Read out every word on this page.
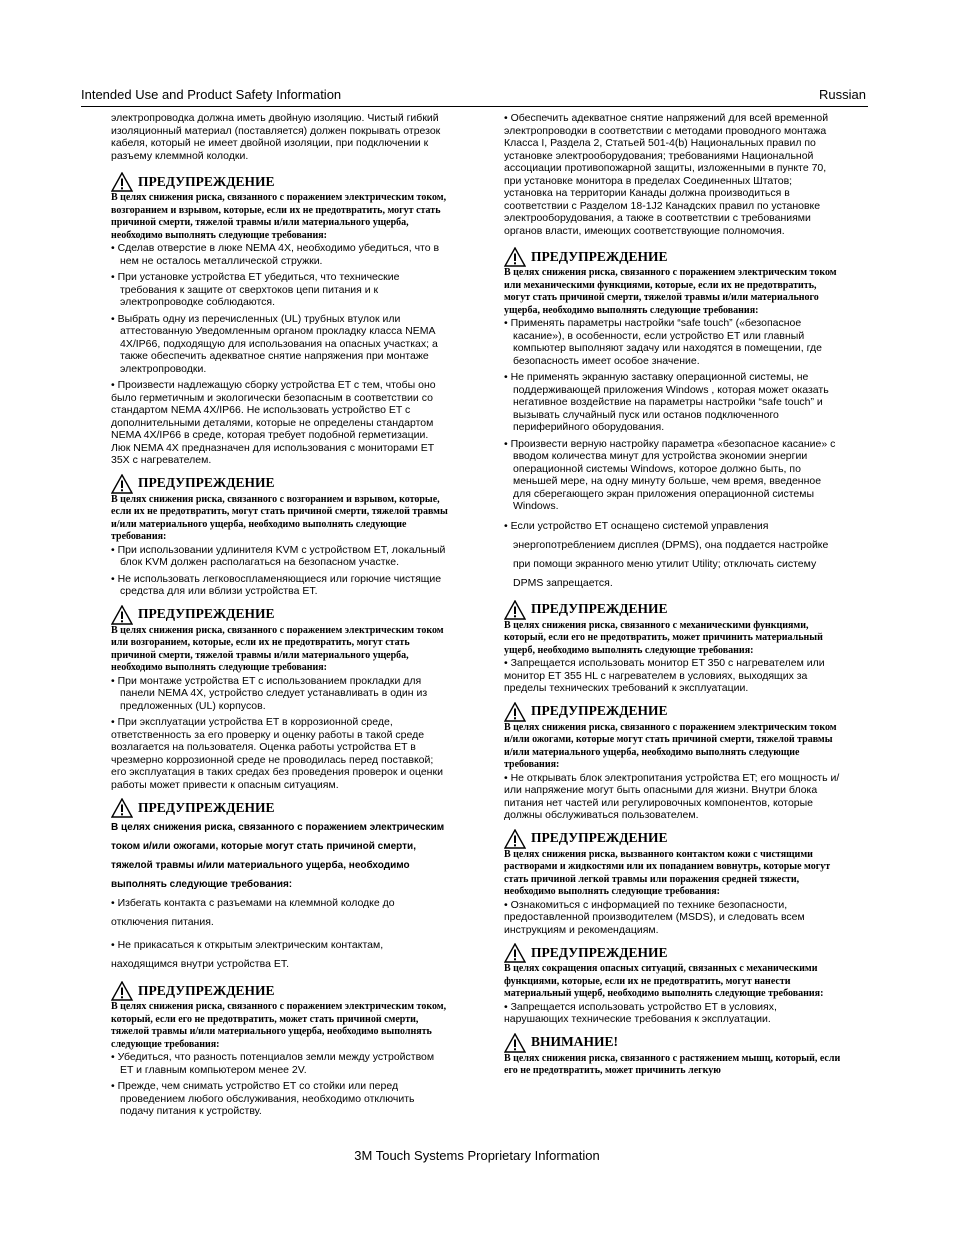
Intended Use and Product Safety Information	Russian

электропроводка должна иметь двойную изоляцию. Чистый гибкий изоляционный материал (поставляется) должен покрывать отрезок кабеля, который не имеет двойной изоляции, при подключении к разъему клеммной колодки.

ПРЕДУПРЕЖДЕНИЕ

В целях снижения риска, связанного с поражением электрическим током, возгоранием и взрывом, которые, если их не предотвратить, могут стать причиной смерти, тяжелой травмы и/или материального ущерба, необходимо выполнять следующие требования:

• Сделав отверстие в люке NEMA 4X, необходимо убедиться, что в нем не осталось металлической стружки.
• При установке устройства ET убедиться, что технические требования к защите от сверхтоков цепи питания и к электропроводке соблюдаются.
• Выбрать одну из перечисленных (UL) трубных втулок или аттестованную Уведомленным органом прокладку класса NEMA 4X/IP66, подходящую для использования на опасных участках; а также обеспечить адекватное снятие напряжения при монтаже электропроводки.
• Произвести надлежащую сборку устройства ET с тем, чтобы оно было герметичным и экологически безопасным в соответствии со стандартом NEMA 4X/IP66. Не использовать устройство ET с дополнительными деталями, которые не определены стандартом NEMA 4X/IP66 в среде, которая требует подобной герметизации. Люк NEMA 4X предназначен для использования с мониторами ET 35X с нагревателем.
ПРЕДУПРЕЖДЕНИЕ

В целях снижения риска, связанного с возгоранием и взрывом, которые, если их не предотвратить, могут стать причиной смерти, тяжелой травмы и/или материального ущерба, необходимо выполнять следующие требования:

• При использовании удлинителя KVM с устройством ET, локальный блок KVM должен располагаться на безопасном участке.
• Не использовать легковоспламеняющиеся или горючие чистящие средства для или вблизи устройства ET.
ПРЕДУПРЕЖДЕНИЕ

В целях снижения риска, связанного с поражением электрическим током или возгоранием, которые, если их не предотвратить, могут стать причиной смерти, тяжелой травмы и/или материального ущерба, необходимо выполнять следующие требования:

• При монтаже устройства ET с использованием прокладки для панели NEMA 4X, устройство следует устанавливать в один из предложенных (UL) корпусов.
• При эксплуатации устройства ET в коррозионной среде, ответственность за его проверку и оценку работы в такой среде возлагается на пользователя. Оценка работы устройства ET в чрезмерно коррозионной среде не проводилась перед поставкой; его эксплуатация в таких средах без проведения проверок и оценки работы может привести к опасным ситуациям.
ПРЕДУПРЕЖДЕНИЕ

В целях снижения риска, связанного с поражением электрическим током и/или ожогами, которые могут стать причиной смерти, тяжелой травмы и/или материального ущерба, необходимо выполнять следующие требования:

• Избегать контакта с разъемами на клеммной колодке до отключения питания.
• Не прикасаться к открытым электрическим контактам, находящимся внутри устройства ET.
ПРЕДУПРЕЖДЕНИЕ

В целях снижения риска, связанного с поражением электрическим током, который, если его не предотвратить, может стать причиной смерти, тяжелой травмы и/или материального ущерба, необходимо выполнять следующие требования:

• Убедиться, что разность потенциалов земли между устройством ET и главным компьютером менее 2V.
• Прежде, чем снимать устройство ET со стойки или перед проведением любого обслуживания, необходимо отключить подачу питания к устройству.

• Обеспечить адекватное снятие напряжений для всей временной электропроводки в соответствии с методами проводного монтажа Класса I, Раздела 2, Статьей 501-4(b) Национальных правил по установке электрооборудования; требованиями Национальной ассоциации противопожарной защиты, изложенными в пункте 70, при установке монитора в пределах Соединенных Штатов; установка на территории Канады должна производиться в соответствии с Разделом 18-1J2 Канадских правил по установке электрооборудования, а также в соответствии с требованиями органов власти, имеющих соответствующие полномочия.

ПРЕДУПРЕЖДЕНИЕ

В целях снижения риска, связанного с поражением электрическим током или механическими функциями, которые, если их не предотвратить, могут стать причиной смерти, тяжелой травмы и/или материального ущерба, необходимо выполнять следующие требования:

• Применять параметры настройки “safe touch” («безопасное касание»), в особенности, если устройство ET или главный компьютер выполняют задачу или находятся в помещении, где безопасность имеет особое значение.
• Не применять экранную заставку операционной системы, не поддерживающей приложения Windows , которая может оказать негативное воздействие на параметры настройки “safe touch” и вызывать случайный пуск или останов подключенного периферийного оборудования.
• Произвести верную настройку параметра «безопасное касание» с вводом количества минут для устройства экономии энергии операционной системы Windows, которое должно быть, по меньшей мере, на одну минуту больше, чем время, введенное для сберегающего экран приложения операционной системы Windows.
• Если устройство ET оснащено системой управления энергопотреблением дисплея (DPMS), она поддается настройке при помощи экранного меню утилит Utility; отключать систему DPMS запрещается.
ПРЕДУПРЕЖДЕНИЕ

В целях снижения риска, связанного с механическими функциями, который, если его не предотвратить, может причинить материальный ущерб, необходимо выполнять следующие требования:

• Запрещается использовать монитор ET 350 с нагревателем или монитор ET 355 HL с нагревателем в условиях, выходящих за пределы технических требований к эксплуатации.
ПРЕДУПРЕЖДЕНИЕ

В целях снижения риска, связанного с поражением электрическим током и/или ожогами, которые могут стать причиной смерти, тяжелой травмы и/или материального ущерба, необходимо выполнять следующие требования:

• Не открывать блок электропитания устройства ET; его мощность и/или напряжение могут быть опасными для жизни. Внутри блока питания нет частей или регулировочных компонентов, которые должны обслуживаться пользователем.
ПРЕДУПРЕЖДЕНИЕ

В целях снижения риска, вызванного контактом кожи с чистящими растворами и жидкостями или их попаданием вовнутрь, которые могут стать причиной легкой травмы или поражения средней тяжести, необходимо выполнять следующие требования:

• Ознакомиться с информацией по технике безопасности, предоставленной производителем (MSDS), и следовать всем инструкциям и рекомендациям.
ПРЕДУПРЕЖДЕНИЕ

В целях сокращения опасных ситуаций, связанных с механическими функциями, которые, если их не предотвратить, могут нанести материальный ущерб, необходимо выполнять следующие требования:

• Запрещается использовать устройство ET в условиях, нарушающих технические требования к эксплуатации.
ВНИМАНИЕ!

В целях снижения риска, связанного с растяжением мышц, который, если его не предотвратить, может причинить легкую

3M Touch Systems Proprietary Information
